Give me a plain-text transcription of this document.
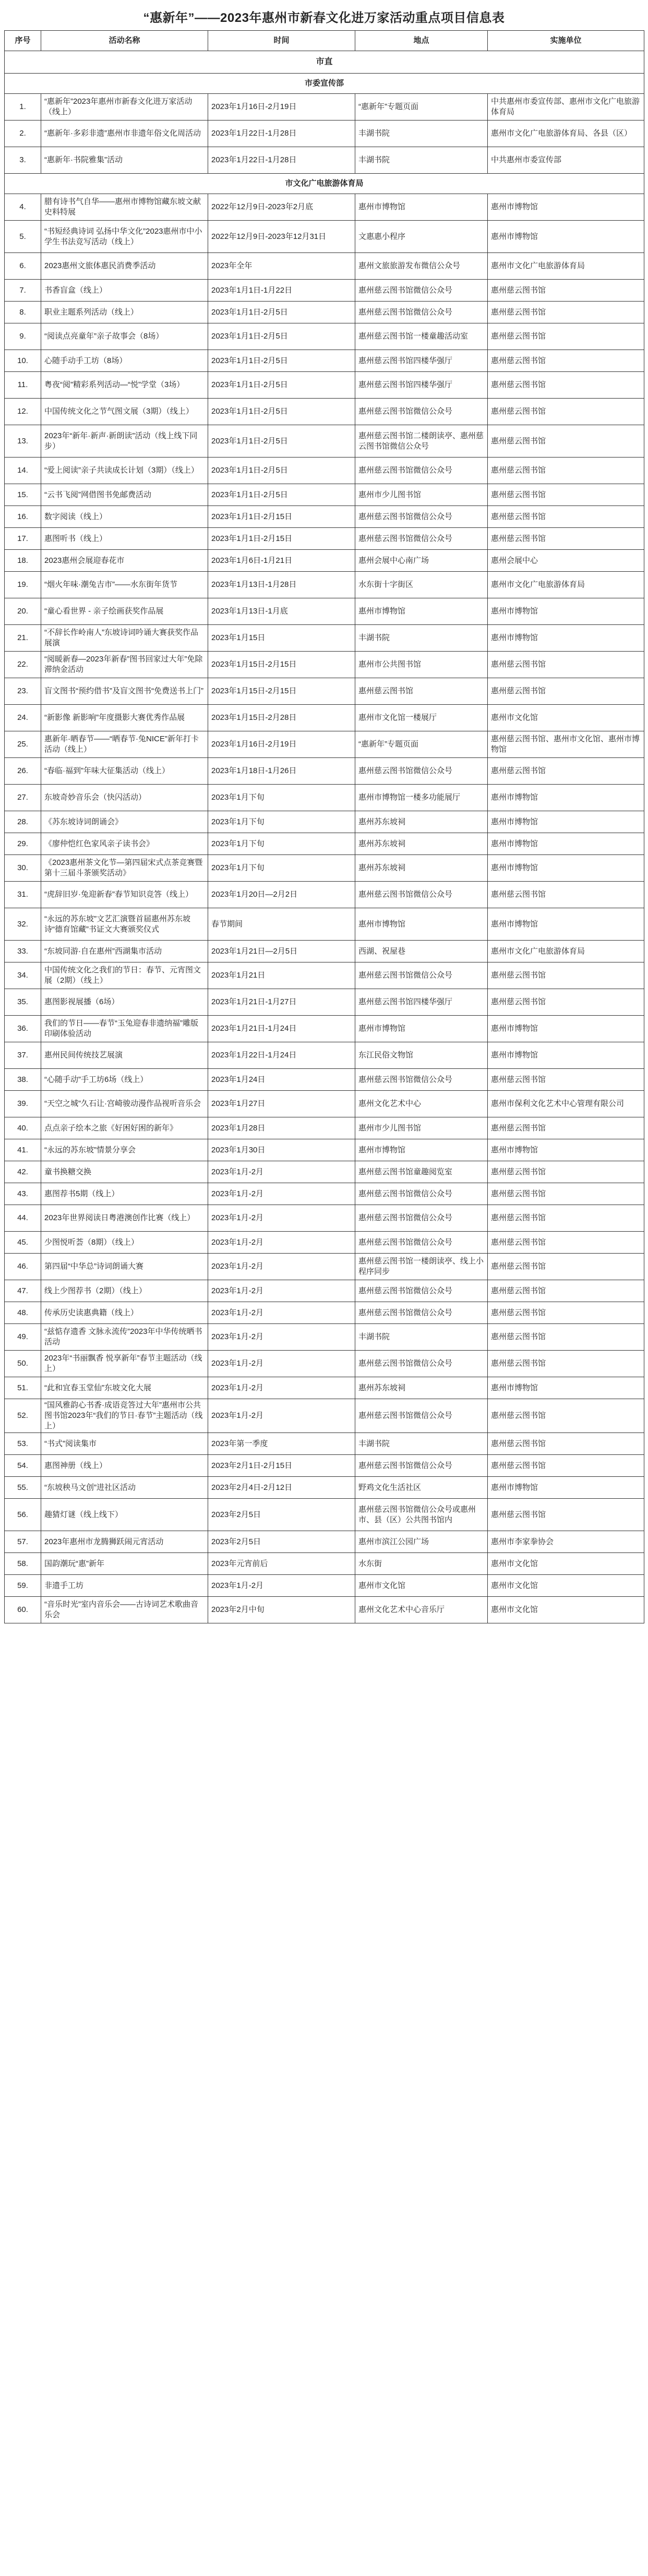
“惠新年”——2023年惠州市新春文化进万家活动重点项目信息表
序号	活动名称	时间	地点	实施单位
市直				
市委宣传部				
1.	“惠新年”2023年惠州市新春文化进万家活动（线上）	2023年1月16日-2月19日	“惠新年”专题页面	中共惠州市委宣传部、惠州市文化广电旅游体育局
2.	“惠新年·多彩非遗”惠州市非遗年俗文化周活动	2023年1月22日-1月28日	丰湖书院	惠州市文化广电旅游体育局、各县（区）
3.	“惠新年·书院雅集”活动	2023年1月22日-1月28日	丰湖书院	中共惠州市委宣传部
市文化广电旅游体育局				
4.	腊有诗书气自华——惠州市博物馆藏东坡文献史料特展	2022年12月9日-2023年2月底	惠州市博物馆	惠州市博物馆
5.	“书短经典诗词 弘扬中华文化”2023惠州市中小学生书法竞写活动（线上）	2022年12月9日-2023年12月31日	文惠惠小程序	惠州市博物馆
6.	2023惠州文旅体惠民消费季活动	2023年全年	惠州文旅旅游发布微信公众号	惠州市文化广电旅游体育局
7.	书香盲盒（线上）	2023年1月1日-1月22日	惠州慈云图书馆微信公众号	惠州慈云图书馆
8.	职业主题系列活动（线上）	2023年1月1日-2月5日	惠州慈云图书馆微信公众号	惠州慈云图书馆
9.	“阅读点亮童年”亲子故事会（8场）	2023年1月1日-2月5日	惠州慈云图书馆一楼童趣活动室	惠州慈云图书馆
10.	心随手动手工坊（8场）	2023年1月1日-2月5日	惠州慈云图书馆四楼华强厅	惠州慈云图书馆
11.	粤夜“阅”精彩系列活动—“悦”学堂（3场）	2023年1月1日-2月5日	惠州慈云图书馆四楼华强厅	惠州慈云图书馆
12.	中国传统文化之节气图文展（3期）（线上）	2023年1月1日-2月5日	惠州慈云图书馆微信公众号	惠州慈云图书馆
13.	2023年“新年·新声·新朗读”活动（线上线下同步）	2023年1月1日-2月5日	惠州慈云图书馆二楼朗读亭、惠州慈云图书馆微信公众号	惠州慈云图书馆
14.	“爱上阅读”亲子共读成长计划（3期）（线上）	2023年1月1日-2月5日	惠州慈云图书馆微信公众号	惠州慈云图书馆
15.	“云书飞阅”网借图书免邮费活动	2023年1月1日-2月5日	惠州市少儿图书馆	惠州慈云图书馆
16.	数字阅读（线上）	2023年1月1日-2月15日	惠州慈云图书馆微信公众号	惠州慈云图书馆
17.	惠图听书（线上）	2023年1月1日-2月15日	惠州慈云图书馆微信公众号	惠州慈云图书馆
18.	2023惠州会展迎春花市	2023年1月6日-1月21日	惠州会展中心南广场	惠州会展中心
19.	“烟火年味·潮兔吉市”——水东街年货节	2023年1月13日-1月28日	水东街十字街区	惠州市文化广电旅游体育局
20.	“童心看世界 - 亲子绘画获奖作品展	2023年1月13日-1月底	惠州市博物馆	惠州市博物馆
21.	“不辞长作岭南人”东坡诗词吟诵大赛获奖作品展演	2023年1月15日	丰湖书院	惠州市博物馆
22.	“阅暖新春—2023年新春”图书回家过大年”免除滞纳金活动	2023年1月15日-2月15日	惠州市公共图书馆	惠州慈云图书馆
23.	盲文图书“预约借书”及盲文图书“免费送书上门”	2023年1月15日-2月15日	惠州慈云图书馆	惠州慈云图书馆
24.	“新影像 新影响”年度摄影大赛优秀作品展	2023年1月15日-2月28日	惠州市文化馆一楼展厅	惠州市文化馆
25.	惠新年·晒春节——“晒春节·兔NICE”新年打卡活动（线上）	2023年1月16日-2月19日	“惠新年”专题页面	惠州慈云图书馆、惠州市文化馆、惠州市博物馆
26.	“春临·福到”年味大征集活动（线上）	2023年1月18日-1月26日	惠州慈云图书馆微信公众号	惠州慈云图书馆
27.	东坡奇妙音乐会（快闪活动）	2023年1月下旬	惠州市博物馆一楼多功能展厅	惠州市博物馆
28.	《苏东坡诗词朗诵会》	2023年1月下旬	惠州苏东坡祠	惠州市博物馆
29.	《廖仲恺红色家风亲子读书会》	2023年1月下旬	惠州苏东坡祠	惠州市博物馆
30.	《2023惠州茶文化节—第四届宋式点茶竞赛暨第十三届斗茶颁奖活动》	2023年1月下旬	惠州苏东坡祠	惠州市博物馆
31.	“虎辞旧岁·兔迎新春”春节知识竞答（线上）	2023年1月20日—2月2日	惠州慈云图书馆微信公众号	惠州慈云图书馆
32.	“永远的苏东坡”文艺汇演暨首届惠州苏东坡诗“德育馆藏”书证文大赛颁奖仪式	春节期间	惠州市博物馆	惠州市博物馆
33.	“东坡同游·自在惠州”西湖集市活动	2023年1月21日—2月5日	西湖、祝屋巷	惠州市文化广电旅游体育局
34.	中国传统文化之我们的节日：春节、元宵图文展（2期）（线上）	2023年1月21日	惠州慈云图书馆微信公众号	惠州慈云图书馆
35.	惠图影视展播（6场）	2023年1月21日-1月27日	惠州慈云图书馆四楼华强厅	惠州慈云图书馆
36.	我们的节日——春节“玉兔迎春非遗纳福”雕版印刷体验活动	2023年1月21日-1月24日	惠州市博物馆	惠州市博物馆
37.	惠州民间传统技艺展演	2023年1月22日-1月24日	东江民俗文物馆	惠州市博物馆
38.	“心随手动”手工坊6场（线上）	2023年1月24日	惠州慈云图书馆微信公众号	惠州慈云图书馆
39.	“天空之城”久石让·宫崎骏动漫作品视听音乐会	2023年1月27日	惠州文化艺术中心	惠州市保利文化艺术中心管理有限公司
40.	点点亲子绘本之旅《好困好困的新年》	2023年1月28日	惠州市少儿图书馆	惠州慈云图书馆
41.	“永远的苏东坡”情景分享会	2023年1月30日	惠州市博物馆	惠州市博物馆
42.	童书换糖交换	2023年1月-2月	惠州慈云图书馆童趣阅览室	惠州慈云图书馆
43.	惠图荐书5期（线上）	2023年1月-2月	惠州慈云图书馆微信公众号	惠州慈云图书馆
44.	2023年世界阅读日粤港澳创作比赛（线上）	2023年1月-2月	惠州慈云图书馆微信公众号	惠州慈云图书馆
45.	少图悦听荟（8期）（线上）	2023年1月-2月	惠州慈云图书馆微信公众号	惠州慈云图书馆
46.	第四届“中华总”诗词朗诵大赛	2023年1月-2月	惠州慈云图书馆一楼朗读亭、线上小程序同步	惠州慈云图书馆
47.	线上少图荐书（2期）（线上）	2023年1月-2月	惠州慈云图书馆微信公众号	惠州慈云图书馆
48.	传承历史读惠典籍（线上）	2023年1月-2月	惠州慈云图书馆微信公众号	惠州慈云图书馆
49.	“兹惦存遗香 文脉永流传”2023年中华传统晒书活动	2023年1月-2月	丰湖书院	惠州慈云图书馆
50.	2023年“书丽飘香 悦享新年”春节主题活动（线上）	2023年1月-2月	惠州慈云图书馆微信公众号	惠州慈云图书馆
51.	“此和宜春玉堂仙”东坡文化大展	2023年1月-2月	惠州苏东坡祠	惠州市博物馆
52.	“国风雅韵心书香·成语竞答过大年”惠州市公共图书馆2023年“我们的节日·春节”主题活动（线上）	2023年1月-2月	惠州慈云图书馆微信公众号	惠州慈云图书馆
53.	“书式”阅读集市	2023年第一季度	丰湖书院	惠州慈云图书馆
54.	惠图神册（线上）	2023年2月1日-2月15日	惠州慈云图书馆微信公众号	惠州慈云图书馆
55.	“东坡秧马文创”进社区活动	2023年2月4日-2月12日	野鸡文化生活社区	惠州市博物馆
56.	趣猜灯谜（线上线下）	2023年2月5日	惠州慈云图书馆微信公众号或惠州市、县（区）公共图书馆内	惠州慈云图书馆
57.	2023年惠州市龙腾狮跃闹元宵活动	2023年2月5日	惠州市滨江公园广场	惠州市李家拳协会
58.	国韵潮玩“惠”新年	2023年元宵前后	水东街	惠州市文化馆
59.	非遗手工坊	2023年1月-2月	惠州市文化馆	惠州市文化馆
60.	“音乐时光”室内音乐会——古诗词艺术歌曲音乐会	2023年2月中旬	惠州文化艺术中心音乐厅	惠州市文化馆
